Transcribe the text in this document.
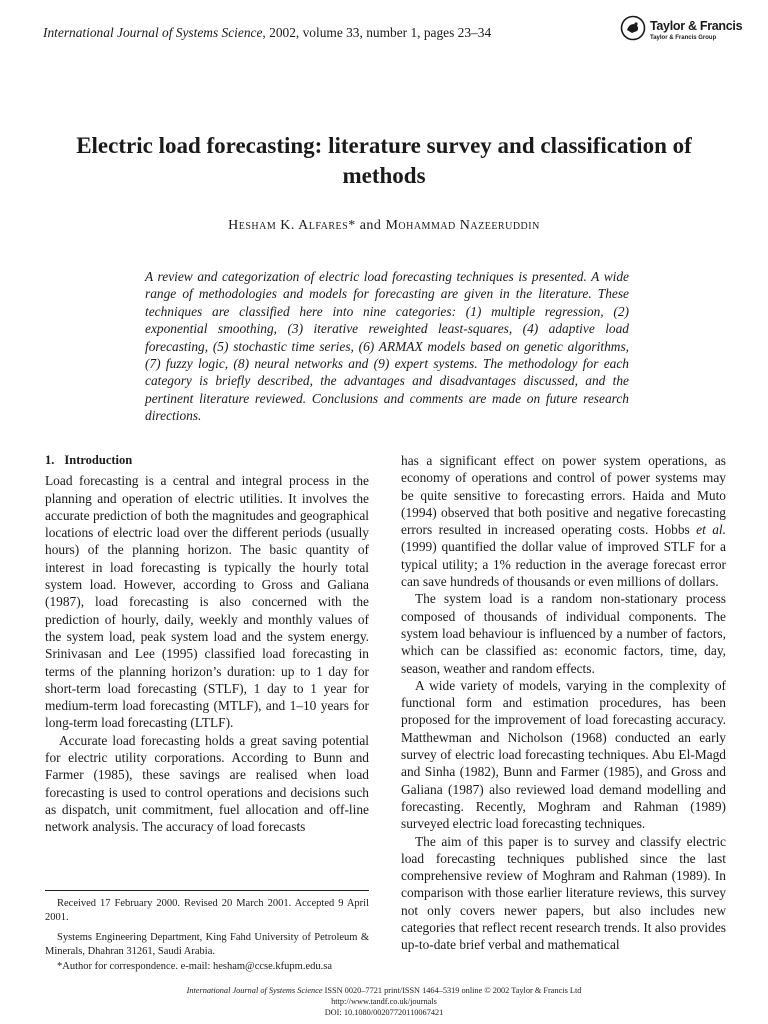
International Journal of Systems Science, 2002, volume 33, number 1, pages 23–34	Taylor & Francis
Taylor & Francis Group
Electric load forecasting: literature survey and classification of methods
Hesham K. Alfares* and Mohammad Nazeeruddin
A review and categorization of electric load forecasting techniques is presented. A wide range of methodologies and models for forecasting are given in the literature. These techniques are classified here into nine categories: (1) multiple regression, (2) exponential smoothing, (3) iterative reweighted least-squares, (4) adaptive load forecasting, (5) stochastic time series, (6) ARMAX models based on genetic algorithms, (7) fuzzy logic, (8) neural networks and (9) expert systems. The methodology for each category is briefly described, the advantages and disadvantages discussed, and the pertinent literature reviewed. Conclusions and comments are made on future research directions.
1. Introduction

Load forecasting is a central and integral process in the planning and operation of electric utilities. It involves the accurate prediction of both the magnitudes and geographical locations of electric load over the different periods (usually hours) of the planning horizon. The basic quantity of interest in load forecasting is typically the hourly total system load. However, according to Gross and Galiana (1987), load forecasting is also concerned with the prediction of hourly, daily, weekly and monthly values of the system load, peak system load and the system energy. Srinivasan and Lee (1995) classified load forecasting in terms of the planning horizon’s duration: up to 1 day for short-term load forecasting (STLF), 1 day to 1 year for medium-term load forecasting (MTLF), and 1–10 years for long-term load forecasting (LTLF).

Accurate load forecasting holds a great saving potential for electric utility corporations. According to Bunn and Farmer (1985), these savings are realised when load forecasting is used to control operations and decisions such as dispatch, unit commitment, fuel allocation and off-line network analysis. The accuracy of load forecasts

has a significant effect on power system operations, as economy of operations and control of power systems may be quite sensitive to forecasting errors. Haida and Muto (1994) observed that both positive and negative forecasting errors resulted in increased operating costs. Hobbs et al. (1999) quantified the dollar value of improved STLF for a typical utility; a 1% reduction in the average forecast error can save hundreds of thousands or even millions of dollars.

The system load is a random non-stationary process composed of thousands of individual components. The system load behaviour is influenced by a number of factors, which can be classified as: economic factors, time, day, season, weather and random effects.

A wide variety of models, varying in the complexity of functional form and estimation procedures, has been proposed for the improvement of load forecasting accuracy. Matthewman and Nicholson (1968) conducted an early survey of electric load forecasting techniques. Abu El-Magd and Sinha (1982), Bunn and Farmer (1985), and Gross and Galiana (1987) also reviewed load demand modelling and forecasting. Recently, Moghram and Rahman (1989) surveyed electric load forecasting techniques.

The aim of this paper is to survey and classify electric load forecasting techniques published since the last comprehensive review of Moghram and Rahman (1989). In comparison with those earlier literature reviews, this survey not only covers newer papers, but also includes new categories that reflect recent research trends. It also provides up-to-date brief verbal and mathematical

Received 17 February 2000. Revised 20 March 2001. Accepted 9 April 2001.

Systems Engineering Department, King Fahd University of Petroleum & Minerals, Dhahran 31261, Saudi Arabia.

*Author for correspondence. e-mail: hesham@ccse.kfupm.edu.sa

International Journal of Systems Science ISSN 0020–7721 print/ISSN 1464–5319 online © 2002 Taylor & Francis Ltd
http://www.tandf.co.uk/journals
DOI: 10.1080/00207720110067421
